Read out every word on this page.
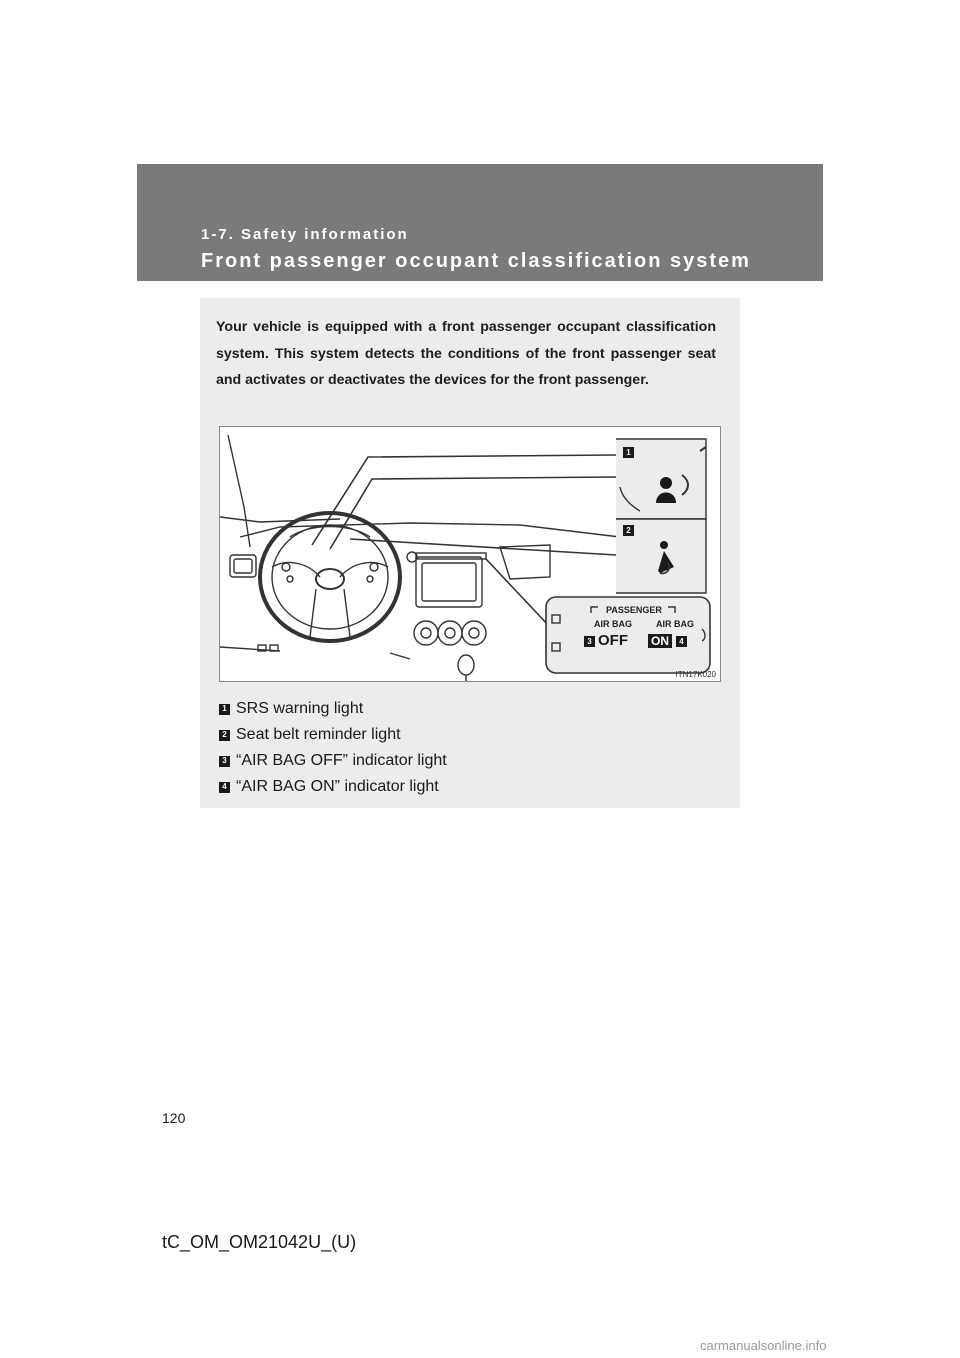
1-7. Safety information
Front passenger occupant classification system

Your vehicle is equipped with a front passenger occupant classification system. This system detects the conditions of the front passenger seat and activates or deactivates the devices for the front passenger.

1
2
PASSENGER
AIR BAG	AIR BAG
3 OFF ON	4
ITN17K020
1 SRS warning light
2 Seat belt reminder light
3 “AIR BAG OFF” indicator light
4 “AIR BAG ON” indicator light
120
tC_OM_OM21042U_(U)
carmanualsonline.info
